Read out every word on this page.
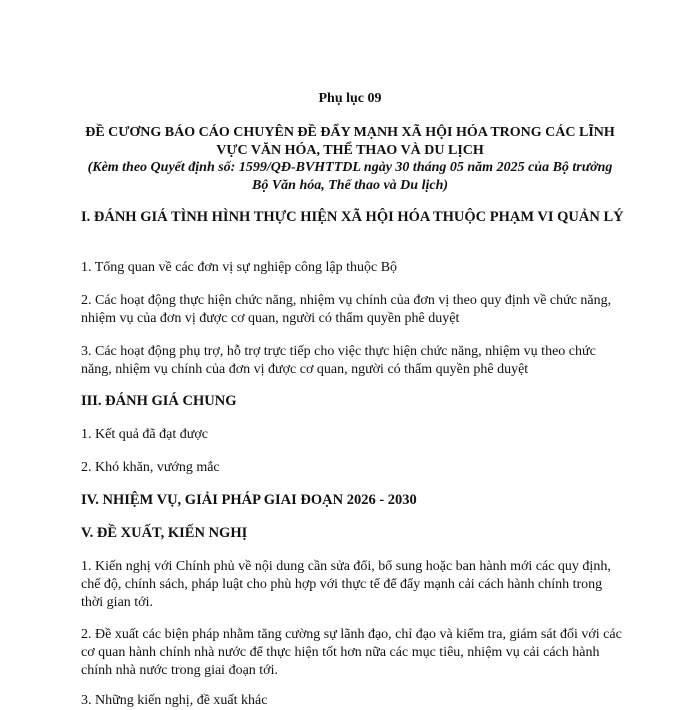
Phụ lục 09
ĐỀ CƯƠNG BÁO CÁO CHUYÊN ĐỀ ĐẨY MẠNH XÃ HỘI HÓA TRONG CÁC LĨNH VỰC VĂN HÓA, THỂ THAO VÀ DU LỊCH
(Kèm theo Quyết định số: 1599/QĐ-BVHTTDL ngày 30 tháng 05 năm 2025 của Bộ trưởng Bộ Văn hóa, Thể thao và Du lịch)
I. ĐÁNH GIÁ TÌNH HÌNH THỰC HIỆN XÃ HỘI HÓA THUỘC PHẠM VI QUẢN LÝ
1. Tổng quan về các đơn vị sự nghiệp công lập thuộc Bộ
2. Các hoạt động thực hiện chức năng, nhiệm vụ chính của đơn vị theo quy định về chức năng, nhiệm vụ của đơn vị được cơ quan, người có thẩm quyền phê duyệt
3. Các hoạt động phụ trợ, hỗ trợ trực tiếp cho việc thực hiện chức năng, nhiệm vụ theo chức năng, nhiệm vụ chính của đơn vị được cơ quan, người có thẩm quyền phê duyệt
III. ĐÁNH GIÁ CHUNG
1. Kết quả đã đạt được
2. Khó khăn, vướng mắc
IV. NHIỆM VỤ, GIẢI PHÁP GIAI ĐOẠN 2026 - 2030
V. ĐỀ XUẤT, KIẾN NGHỊ
1. Kiến nghị với Chính phủ về nội dung cần sửa đổi, bổ sung hoặc ban hành mới các quy định, chế độ, chính sách, pháp luật cho phù hợp với thực tế để đẩy mạnh cải cách hành chính trong thời gian tới.
2. Đề xuất các biện pháp nhằm tăng cường sự lãnh đạo, chỉ đạo và kiểm tra, giám sát đối với các cơ quan hành chính nhà nước để thực hiện tốt hơn nữa các mục tiêu, nhiệm vụ cải cách hành chính nhà nước trong giai đoạn tới.
3. Những kiến nghị, đề xuất khác
